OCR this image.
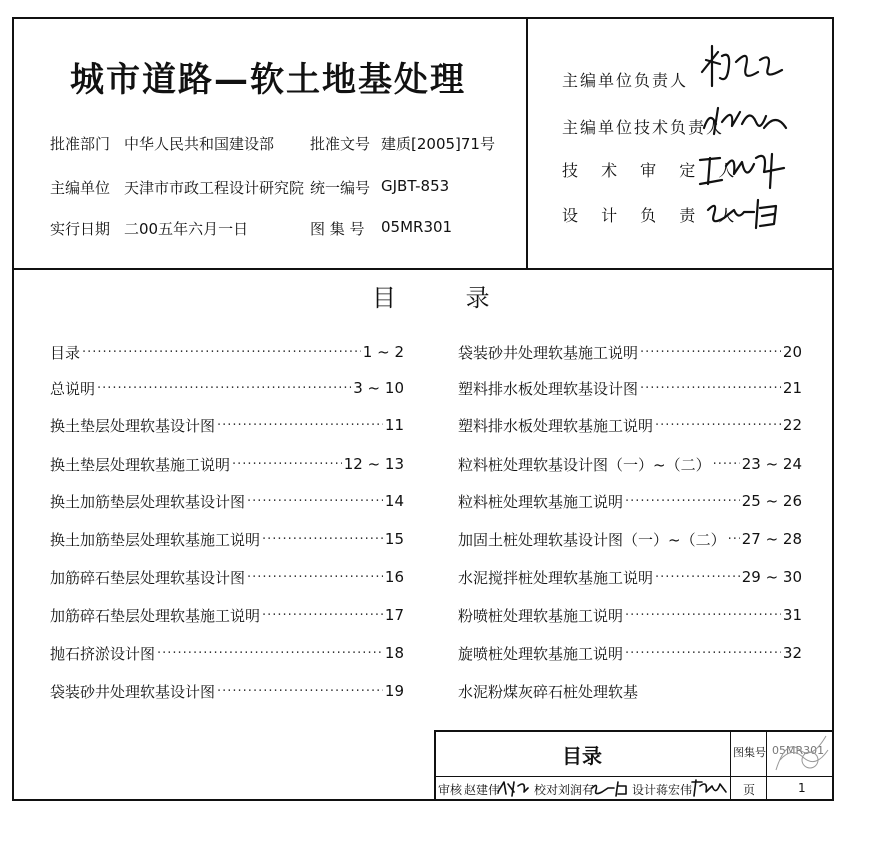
城市道路—软土地基处理
批准部门 中华人民共和国建设部 批准文号 建质[2005]71号
主编单位 天津市市政工程设计研究院 统一编号 GJBT-853
实行日期 二00五年六月一日	图 集 号 05MR301
主编单位负责人
主编单位技术负责人
技 术 审 定 人
设 计 负 责 人
目	录
目录 ·····	1 ~ 2
总说明 ·····	3 ~ 10
换土垫层处理软基设计图 ·····	11
换土垫层处理软基施工说明 ·····	12 ~ 13
换土加筋垫层处理软基设计图 ·····	14
换土加筋垫层处理软基施工说明 ·····	15
加筋碎石垫层处理软基设计图 ·····	16
加筋碎石垫层处理软基施工说明 ·····	17
抛石挤淤设计图 ·····	18
袋装砂井处理软基设计图 ·····	19
袋装砂井处理软基施工说明 ·····	20
塑料排水板处理软基设计图 ·····	21
塑料排水板处理软基施工说明 ·····	22
粒料桩处理软基设计图（一）~（二） ····· 23 ~ 24
粒料桩处理软基施工说明 ·····	25 ~ 26
加固土桩处理软基设计图（一）~（二） ····· 27 ~ 28
水泥搅拌桩处理软基施工说明 ·····	29 ~ 30
粉喷桩处理软基施工说明 ·····	31
旋喷桩处理软基施工说明 ·····	32
水泥粉煤灰碎石桩处理软基
目录	图集号 05MR301
审核 赵建伟	校对 刘润有	设计 蒋宏伟	页	1
